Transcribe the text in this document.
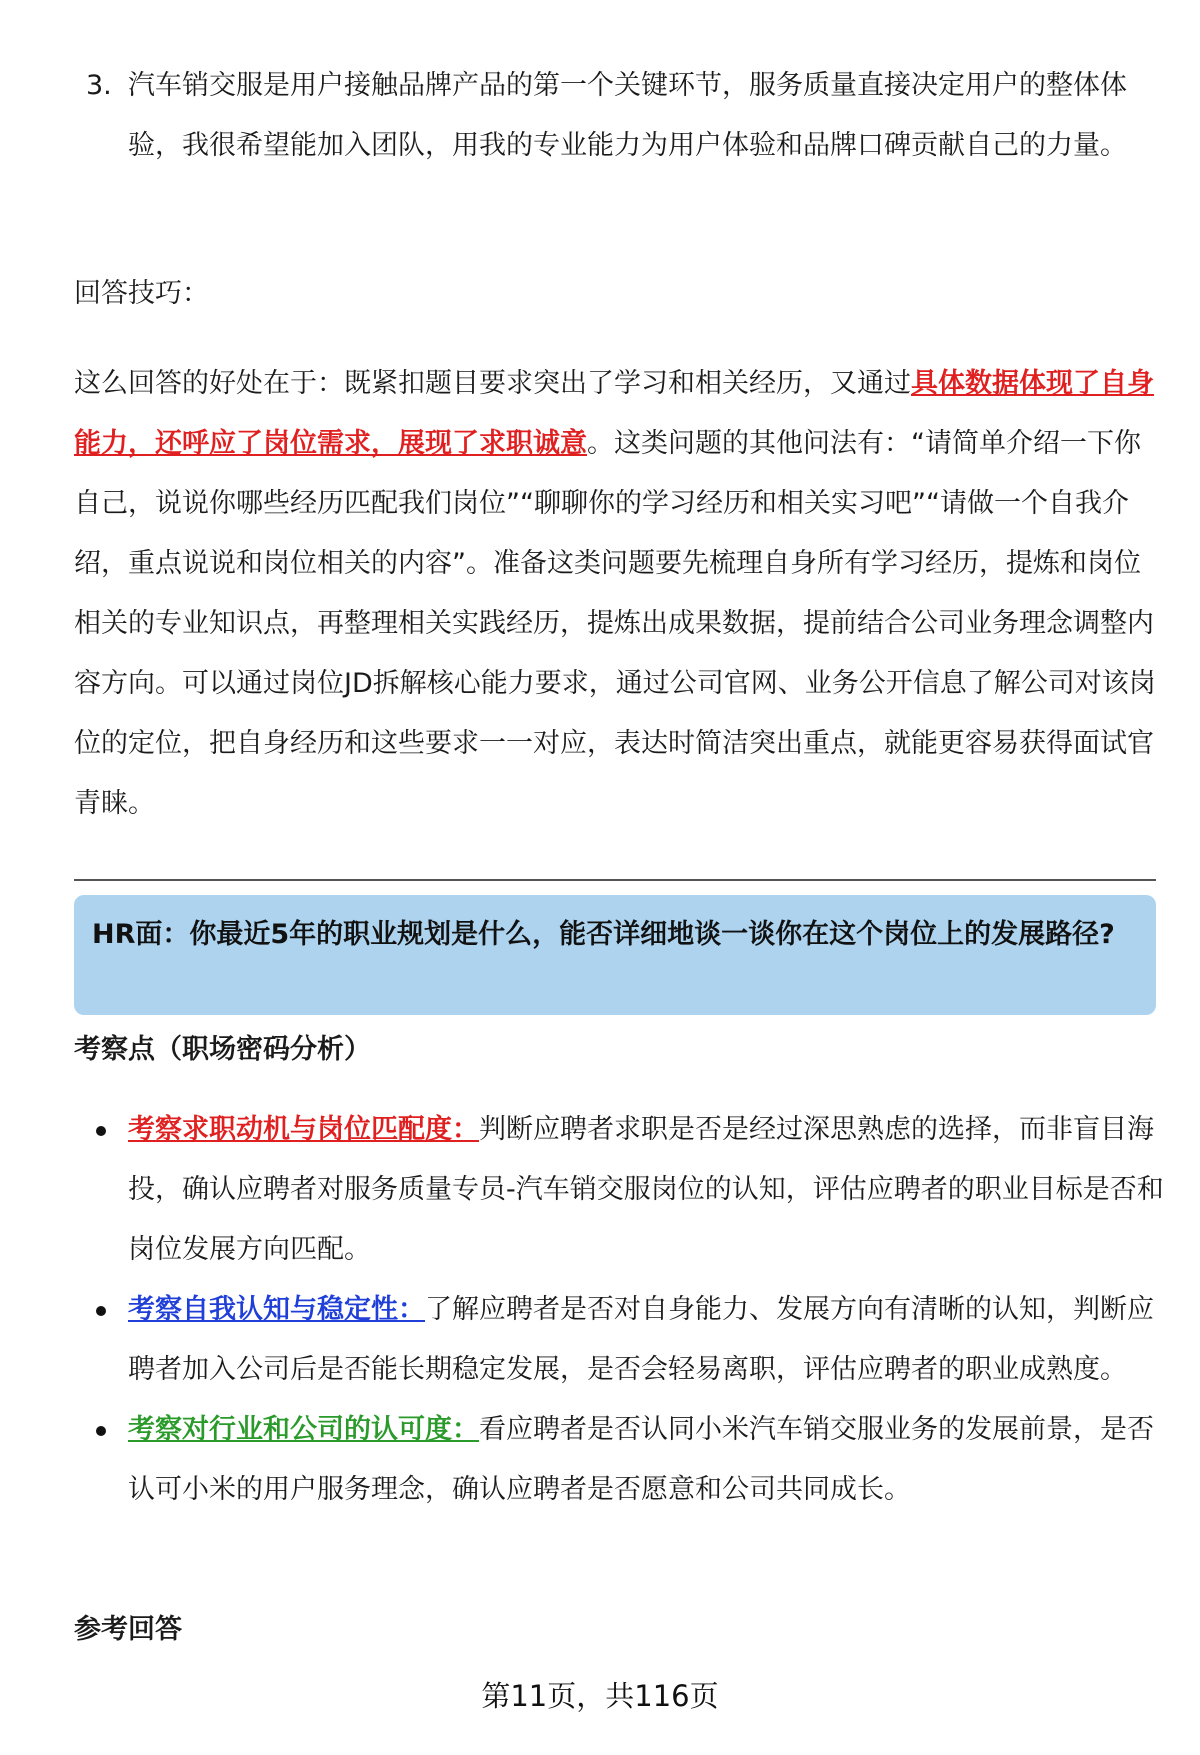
3. 汽车销交服是用户接触品牌产品的第一个关键环节，服务质量直接决定用户的整体体验，我很希望能加入团队，用我的专业能力为用户体验和品牌口碑贡献自己的力量。
回答技巧：

这么回答的好处在于：既紧扣题目要求突出了学习和相关经历，又通过具体数据体现了自身能力，还呼应了岗位需求，展现了求职诚意。这类问题的其他问法有：“请简单介绍一下你自己，说说你哪些经历匹配我们岗位”“聊聊你的学习经历和相关实习吧”“请做一个自我介绍，重点说说和岗位相关的内容”。准备这类问题要先梳理自身所有学习经历，提炼和岗位相关的专业知识点，再整理相关实践经历，提炼出成果数据，提前结合公司业务理念调整内容方向。可以通过岗位JD拆解核心能力要求，通过公司官网、业务公开信息了解公司对该岗位的定位，把自身经历和这些要求一一对应，表达时简洁突出重点，就能更容易获得面试官青睐。

HR面：你最近5年的职业规划是什么，能否详细地谈一谈你在这个岗位上的发展路径?
考察点（职场密码分析）
考察求职动机与岗位匹配度：判断应聘者求职是否是经过深思熟虑的选择，而非盲目海投，确认应聘者对服务质量专员-汽车销交服岗位的认知，评估应聘者的职业目标是否和岗位发展方向匹配。
考察自我认知与稳定性：了解应聘者是否对自身能力、发展方向有清晰的认知，判断应聘者加入公司后是否能长期稳定发展，是否会轻易离职，评估应聘者的职业成熟度。
考察对行业和公司的认可度：看应聘者是否认同小米汽车销交服业务的发展前景，是否认可小米的用户服务理念，确认应聘者是否愿意和公司共同成长。
参考回答
第11页，共116页
